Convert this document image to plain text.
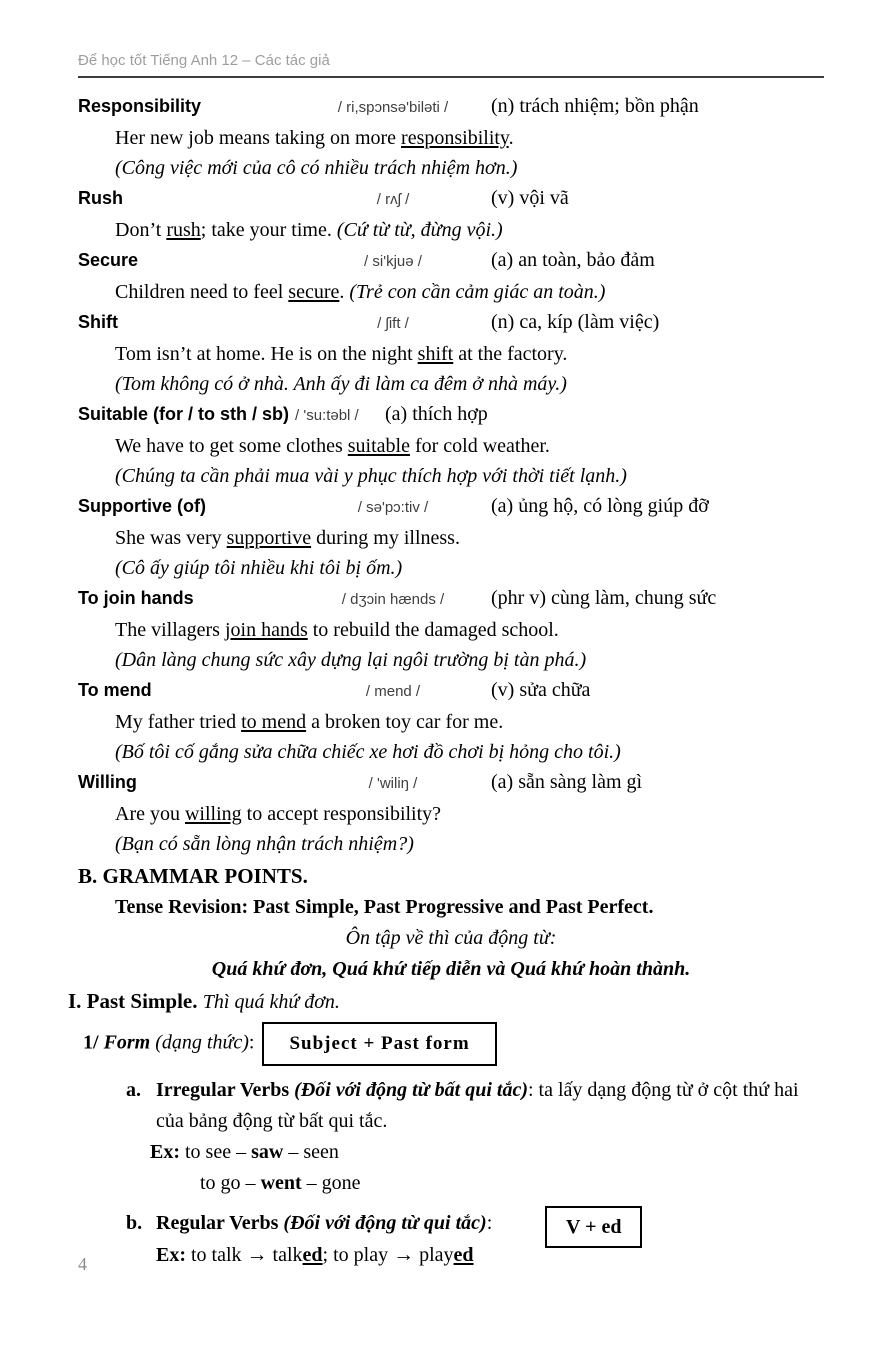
Để học tốt Tiếng Anh 12 – Các tác giả
Responsibility	/ ri,spɔnsə'biləti /	(n) trách nhiệm; bồn phận
Her new job means taking on more responsibility.
(Công việc mới của cô có nhiều trách nhiệm hơn.)
Rush	/ rʌʃ /	(v) vội vã
Don’t rush; take your time. (Cứ từ từ, đừng vội.)
Secure	/ si'kjuə /	(a) an toàn, bảo đảm
Children need to feel secure. (Trẻ con cần cảm giác an toàn.)
Shift	/ ʃift /	(n) ca, kíp (làm việc)
Tom isn’t at home. He is on the night shift at the factory.
(Tom không có ở nhà. Anh ấy đi làm ca đêm ở nhà máy.)
Suitable (for / to sth / sb) / 'su:təbl /	(a) thích hợp
We have to get some clothes suitable for cold weather.
(Chúng ta cần phải mua vài y phục thích hợp với thời tiết lạnh.)
Supportive (of)	/ sə'pɔ:tiv /	(a) ủng hộ, có lòng giúp đỡ
She was very supportive during my illness.
(Cô ấy giúp tôi nhiều khi tôi bị ốm.)
To join hands	/ dʒɔin hænds /	(phr v) cùng làm, chung sức
The villagers join hands to rebuild the damaged school.
(Dân làng chung sức xây dựng lại ngôi trường bị tàn phá.)
To mend	/ mend /	(v) sửa chữa
My father tried to mend a broken toy car for me.
(Bố tôi cố gắng sửa chữa chiếc xe hơi đồ chơi bị hỏng cho tôi.)
Willing	/ 'wiliŋ /	(a) sẵn sàng làm gì
Are you willing to accept responsibility?
(Bạn có sẵn lòng nhận trách nhiệm?)
B. GRAMMAR POINTS.
Tense Revision: Past Simple, Past Progressive and Past Perfect.
Ôn tập về thì của động từ:
Quá khứ đơn, Quá khứ tiếp diễn và Quá khứ hoàn thành.
I. Past Simple. Thì quá khứ đơn.
1/ Form (dạng thức): Subject + Past form
a. Irregular Verbs (Đối với động từ bất qui tắc): ta lấy dạng động từ ở cột thứ hai của bảng động từ bất qui tắc.
Ex: to see – saw – seen
to go – went – gone
b. Regular Verbs (Đối với động từ qui tắc):
Ex: to talk → talked; to play → played
V + ed
4
